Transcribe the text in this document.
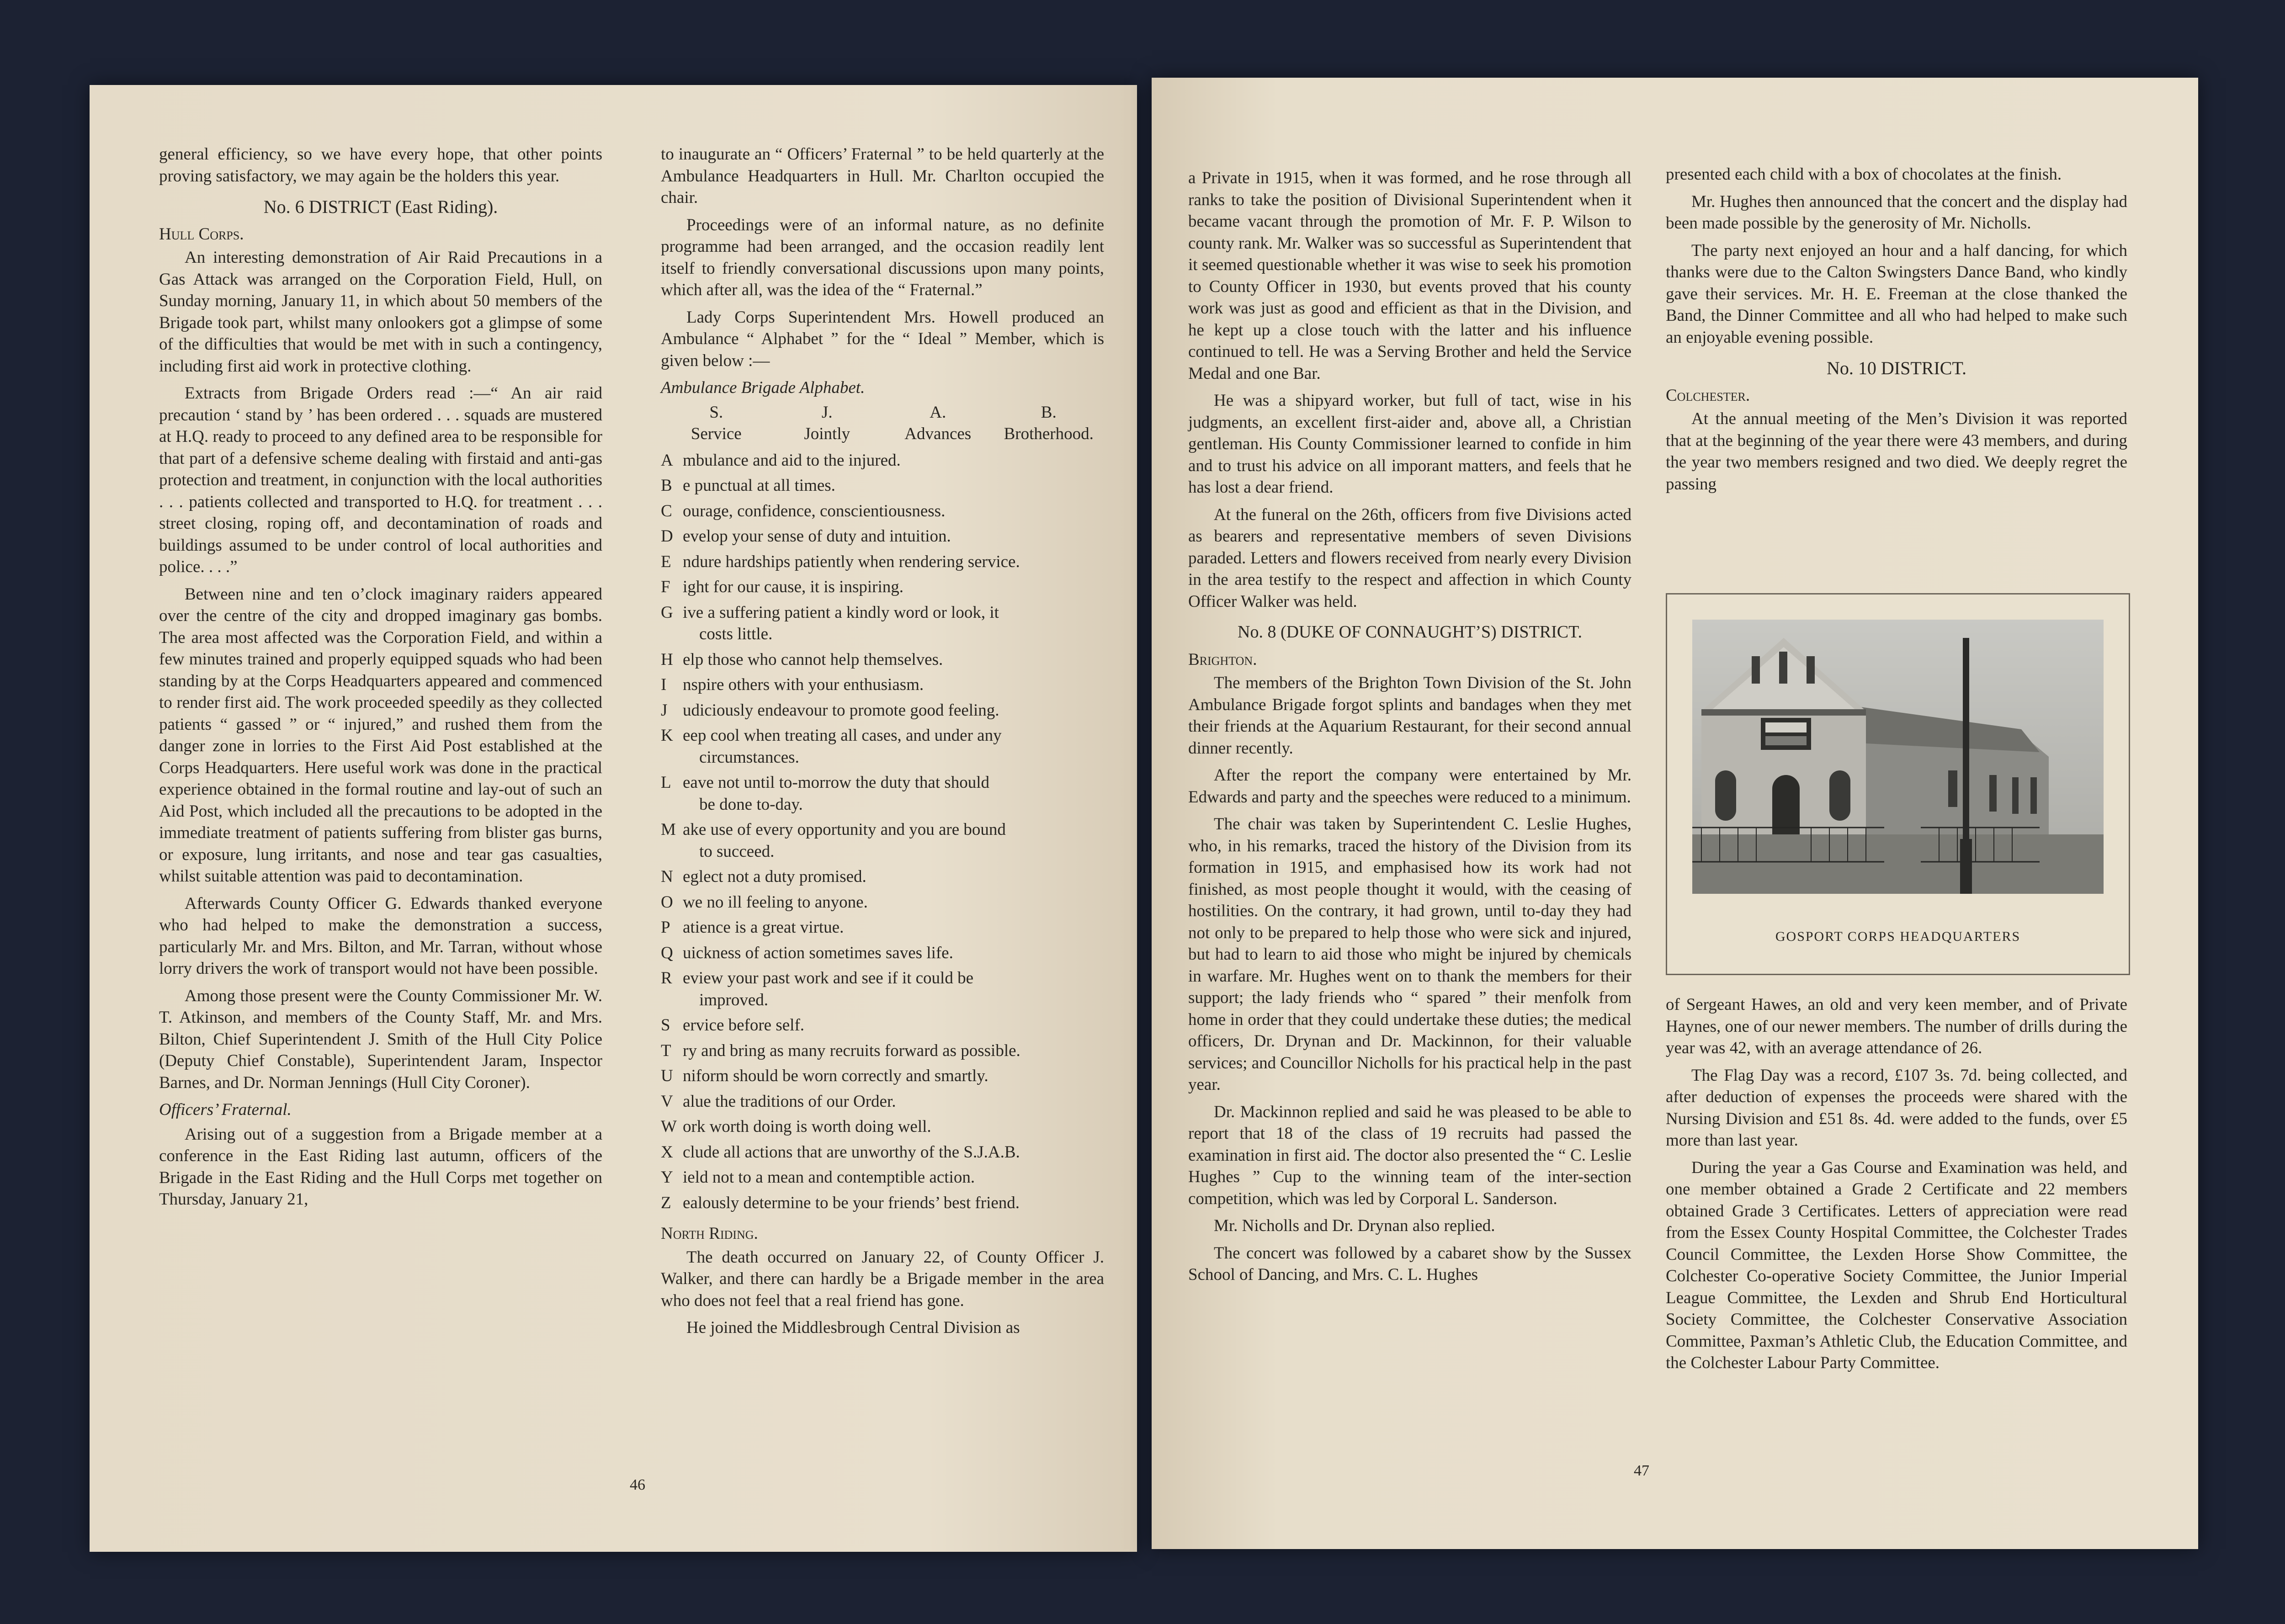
general efficiency, so we have every hope, that other points proving satisfactory, we may again be the holders this year.

No. 6 DISTRICT (East Riding).

Hull Corps.

An interesting demonstration of Air Raid Precautions in a Gas Attack was arranged on the Corporation Field, Hull, on Sunday morning, January 11, in which about 50 members of the Brigade took part, whilst many onlookers got a glimpse of some of the difficulties that would be met with in such a contingency, including first aid work in protective clothing.

Extracts from Brigade Orders read :—“ An air raid precaution ‘ stand by ’ has been ordered . . . squads are mustered at H.Q. ready to proceed to any defined area to be responsible for that part of a defensive scheme dealing with firstaid and anti-gas protection and treatment, in conjunction with the local authorities . . . patients collected and transported to H.Q. for treatment . . . street closing, roping off, and decontamination of roads and buildings assumed to be under control of local authorities and police. . . .”

Between nine and ten o’clock imaginary raiders appeared over the centre of the city and dropped imaginary gas bombs. The area most affected was the Corporation Field, and within a few minutes trained and properly equipped squads who had been standing by at the Corps Headquarters appeared and commenced to render first aid. The work proceeded speedily as they collected patients “ gassed ” or “ injured,” and rushed them from the danger zone in lorries to the First Aid Post established at the Corps Headquarters. Here useful work was done in the practical experience obtained in the formal routine and lay-out of such an Aid Post, which included all the precautions to be adopted in the immediate treatment of patients suffering from blister gas burns, or exposure, lung irritants, and nose and tear gas casualties, whilst suitable attention was paid to decontamination.

Afterwards County Officer G. Edwards thanked everyone who had helped to make the demonstration a success, particularly Mr. and Mrs. Bilton, and Mr. Tarran, without whose lorry drivers the work of transport would not have been possible.

Among those present were the County Commissioner Mr. W. T. Atkinson, and members of the County Staff, Mr. and Mrs. Bilton, Chief Superintendent J. Smith of the Hull City Police (Deputy Chief Constable), Superintendent Jaram, Inspector Barnes, and Dr. Norman Jennings (Hull City Coroner).

Officers’ Fraternal.

Arising out of a suggestion from a Brigade member at a conference in the East Riding last autumn, officers of the Brigade in the East Riding and the Hull Corps met together on Thursday, January 21,

to inaugurate an “ Officers’ Fraternal ” to be held quarterly at the Ambulance Headquarters in Hull. Mr. Charlton occupied the chair.

Proceedings were of an informal nature, as no definite programme had been arranged, and the occasion readily lent itself to friendly conversational discussions upon many points, which after all, was the idea of the “ Fraternal.”

Lady Corps Superintendent Mrs. Howell produced an Ambulance “ Alphabet ” for the “ Ideal ” Member, which is given below :—

Ambulance Brigade Alphabet.

S.
Service
J.
Jointly
A.
Advances
B.
Brotherhood.
A mbulance and aid to the injured.
B e punctual at all times.
C ourage, confidence, conscientiousness.
D evelop your sense of duty and intuition.
E ndure hardships patiently when rendering service.
F ight for our cause, it is inspiring.
G ive a suffering patient a kindly word or look, it
costs little.
H elp those who cannot help themselves.
I nspire others with your enthusiasm.
J udiciously endeavour to promote good feeling.
K eep cool when treating all cases, and under any
circumstances.
L eave not until to-morrow the duty that should
be done to-day.
M ake use of every opportunity and you are bound
to succeed.
N eglect not a duty promised.
O we no ill feeling to anyone.
P atience is a great virtue.
Q uickness of action sometimes saves life.
R eview your past work and see if it could be
improved.
S ervice before self.
T ry and bring as many recruits forward as possible.
U niform should be worn correctly and smartly.
V alue the traditions of our Order.
W ork worth doing is worth doing well.
X clude all actions that are unworthy of the S.J.A.B.
Y ield not to a mean and contemptible action.
Z ealously determine to be your friends’ best friend.

North Riding.

The death occurred on January 22, of County Officer J. Walker, and there can hardly be a Brigade member in the area who does not feel that a real friend has gone.

He joined the Middlesbrough Central Division as

46

a Private in 1915, when it was formed, and he rose through all ranks to take the position of Divisional Superintendent when it became vacant through the promotion of Mr. F. P. Wilson to county rank. Mr. Walker was so successful as Superintendent that it seemed questionable whether it was wise to seek his promotion to County Officer in 1930, but events proved that his county work was just as good and efficient as that in the Division, and he kept up a close touch with the latter and his influence continued to tell. He was a Serving Brother and held the Service Medal and one Bar.

He was a shipyard worker, but full of tact, wise in his judgments, an excellent first-aider and, above all, a Christian gentleman. His County Commissioner learned to confide in him and to trust his advice on all imporant matters, and feels that he has lost a dear friend.

At the funeral on the 26th, officers from five Divisions acted as bearers and representative members of seven Divisions paraded. Letters and flowers received from nearly every Division in the area testify to the respect and affection in which County Officer Walker was held.

No. 8 (DUKE OF CONNAUGHT’S) DISTRICT.

Brighton.

The members of the Brighton Town Division of the St. John Ambulance Brigade forgot splints and bandages when they met their friends at the Aquarium Restaurant, for their second annual dinner recently.

After the report the company were entertained by Mr. Edwards and party and the speeches were reduced to a minimum.

The chair was taken by Superintendent C. Leslie Hughes, who, in his remarks, traced the history of the Division from its formation in 1915, and emphasised how its work had not finished, as most people thought it would, with the ceasing of hostilities. On the contrary, it had grown, until to-day they had not only to be prepared to help those who were sick and injured, but had to learn to aid those who might be injured by chemicals in warfare. Mr. Hughes went on to thank the members for their support; the lady friends who “ spared ” their menfolk from home in order that they could undertake these duties; the medical officers, Dr. Drynan and Dr. Mackinnon, for their valuable services; and Councillor Nicholls for his practical help in the past year.

Dr. Mackinnon replied and said he was pleased to be able to report that 18 of the class of 19 recruits had passed the examination in first aid. The doctor also presented the “ C. Leslie Hughes ” Cup to the winning team of the inter-section competition, which was led by Corporal L. Sanderson.

Mr. Nicholls and Dr. Drynan also replied.

The concert was followed by a cabaret show by the Sussex School of Dancing, and Mrs. C. L. Hughes

presented each child with a box of chocolates at the finish.

Mr. Hughes then announced that the concert and the display had been made possible by the generosity of Mr. Nicholls.

The party next enjoyed an hour and a half dancing, for which thanks were due to the Calton Swingsters Dance Band, who kindly gave their services. Mr. H. E. Freeman at the close thanked the Band, the Dinner Committee and all who had helped to make such an enjoyable evening possible.

No. 10 DISTRICT.

Colchester.

At the annual meeting of the Men’s Division it was reported that at the beginning of the year there were 43 members, and during the year two members resigned and two died. We deeply regret the passing

GOSPORT CORPS HEADQUARTERS

of Sergeant Hawes, an old and very keen member, and of Private Haynes, one of our newer members. The number of drills during the year was 42, with an average attendance of 26.

The Flag Day was a record, £107 3s. 7d. being collected, and after deduction of expenses the proceeds were shared with the Nursing Division and £51 8s. 4d. were added to the funds, over £5 more than last year.

During the year a Gas Course and Examination was held, and one member obtained a Grade 2 Certificate and 22 members obtained Grade 3 Certificates. Letters of appreciation were read from the Essex County Hospital Committee, the Colchester Trades Council Committee, the Lexden Horse Show Committee, the Colchester Co-operative Society Committee, the Junior Imperial League Committee, the Lexden and Shrub End Horticultural Society Committee, the Colchester Conservative Association Committee, Paxman’s Athletic Club, the Education Committee, and the Colchester Labour Party Committee.

47
